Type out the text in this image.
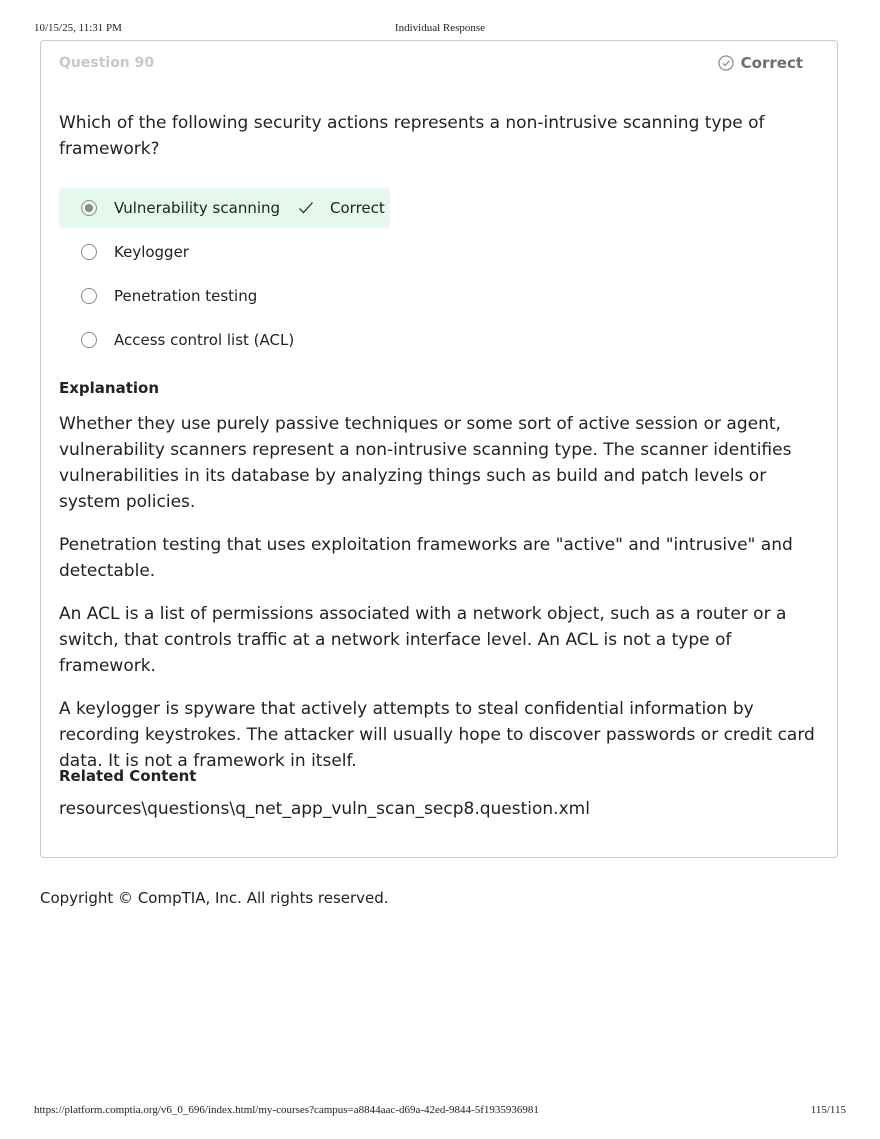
10/15/25, 11:31 PM	Individual Response
Question 90	Correct
Which of the following security actions represents a non-intrusive scanning type of framework?
Vulnerability scanning	Correct
Keylogger
Penetration testing
Access control list (ACL)
Explanation

Whether they use purely passive techniques or some sort of active session or agent, vulnerability scanners represent a non-intrusive scanning type. The scanner identifies vulnerabilities in its database by analyzing things such as build and patch levels or system policies.

Penetration testing that uses exploitation frameworks are "active" and "intrusive" and detectable.

An ACL is a list of permissions associated with a network object, such as a router or a switch, that controls traffic at a network interface level. An ACL is not a type of framework.

A keylogger is spyware that actively attempts to steal confidential information by recording keystrokes. The attacker will usually hope to discover passwords or credit card data. It is not a framework in itself.

Related Content
resources\questions\q_net_app_vuln_scan_secp8.question.xml
Copyright © CompTIA, Inc. All rights reserved.
https://platform.comptia.org/v6_0_696/index.html/my-courses?campus=a8844aac-d69a-42ed-9844-5f1935936981	115/115
